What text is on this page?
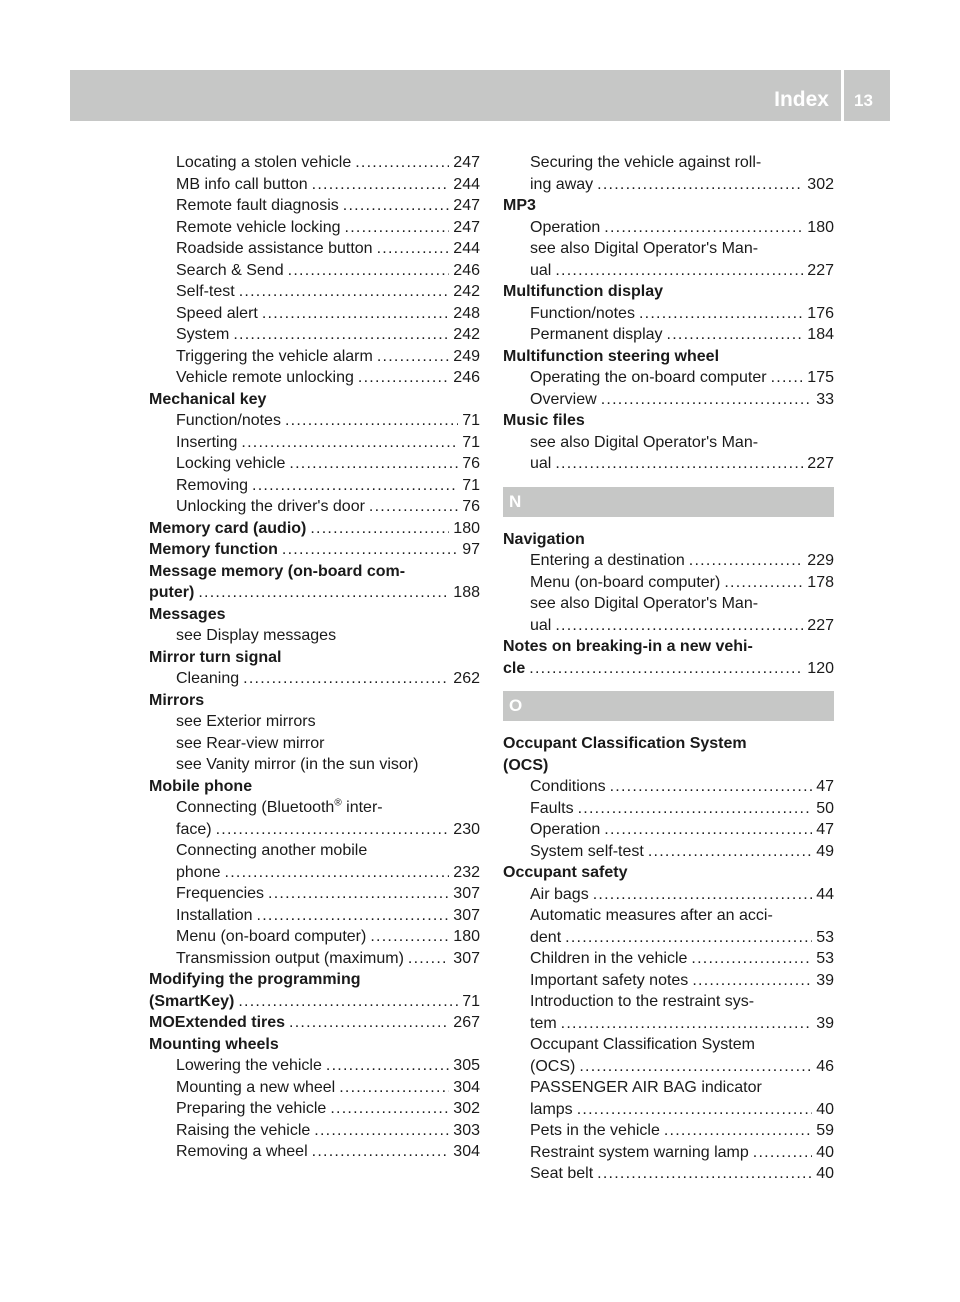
Index	13
Locating a stolen vehicle . . .	247
MB info call button . . .	244
Remote fault diagnosis . . .	247
Remote vehicle locking . . .	247
Roadside assistance button . . .	244
Search & Send . . .	246
Self-test . . .	242
Speed alert . . .	248
System . . .	242
Triggering the vehicle alarm . . .	249
Vehicle remote unlocking . . .	246
Mechanical key
Function/notes . . .	71
Inserting . . .	71
Locking vehicle . . .	76
Removing . . .	71
Unlocking the driver's door . . .	76
Memory card (audio) . . .	180
Memory function . . .	97
Message memory (on-board com-
puter) . . .	188
Messages
see Display messages
Mirror turn signal
Cleaning . . .	262
Mirrors
see Exterior mirrors
see Rear-view mirror
see Vanity mirror (in the sun visor)
Mobile phone
Connecting (Bluetooth® inter-
face) . . .	230
Connecting another mobile
phone . . .	232
Frequencies . . .	307
Installation . . .	307
Menu (on-board computer) . . .	180
Transmission output (maximum) . . .	307
Modifying the programming
(SmartKey) . . .	71
MOExtended tires . . .	267
Mounting wheels
Lowering the vehicle . . .	305
Mounting a new wheel . . .	304
Preparing the vehicle . . .	302
Raising the vehicle . . .	303
Removing a wheel . . .	304
Securing the vehicle against roll-
ing away . . .	302
MP3
Operation . . .	180
see also Digital Operator's Man-
ual . . .	227
Multifunction display
Function/notes . . .	176
Permanent display . . .	184
Multifunction steering wheel
Operating the on-board computer . . .	175
Overview . . .	33
Music files
see also Digital Operator's Man-
ual . . .	227
N
Navigation
Entering a destination . . .	229
Menu (on-board computer) . . .	178
see also Digital Operator's Man-
ual . . .	227
Notes on breaking-in a new vehi-
cle . . .	120
O
Occupant Classification System
(OCS)
Conditions . . .	47
Faults . . .	50
Operation . . .	47
System self-test . . .	49
Occupant safety
Air bags . . .	44
Automatic measures after an acci-
dent . . .	53
Children in the vehicle . . .	53
Important safety notes . . .	39
Introduction to the restraint sys-
tem . . .	39
Occupant Classification System
(OCS) . . .	46
PASSENGER AIR BAG indicator
lamps . . .	40
Pets in the vehicle . . .	59
Restraint system warning lamp . . .	40
Seat belt . . .	40
